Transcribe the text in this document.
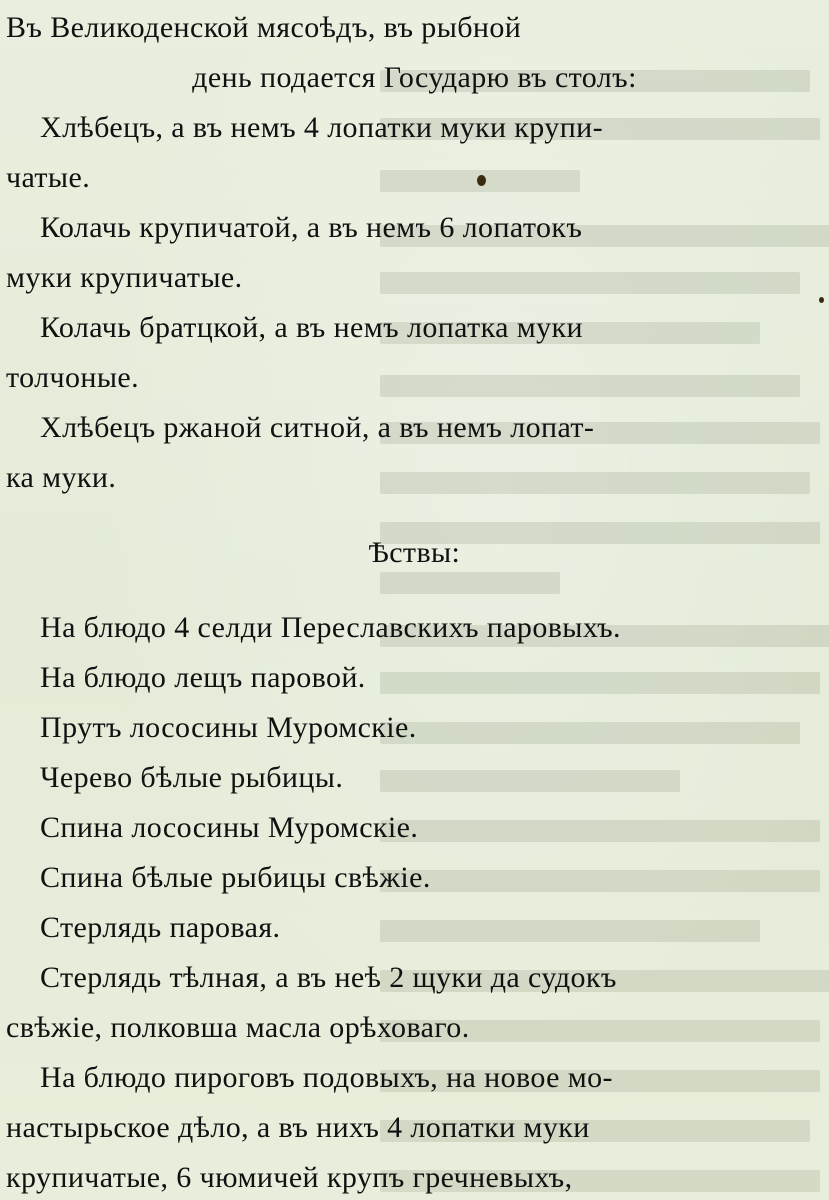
Въ Великоденской мясоѣдъ, въ рыбной
день подается Государю въ столъ:
Хлѣбецъ, а въ немъ 4 лопатки муки крупи-
чатые.
Колачь крупичатой, а въ немъ 6 лопатокъ
муки крупичатые.
Колачь братцкой, а въ немъ лопатка муки
толчоные.
Хлѣбецъ ржаной ситной, а въ немъ лопат-
ка муки.
Ѣствы:
На блюдо 4 селди Переславскихъ паровыхъ.
На блюдо лещъ паровой.
Прутъ лососины Муромскіе.
Черево бѣлые рыбицы.
Спина лососины Муромскіе.
Спина бѣлые рыбицы свѣжіе.
Стерлядь паровая.
Стерлядь тѣлная, а въ неѣ 2 щуки да судокъ
свѣжіе, полковша масла орѣховаго.
На блюдо пироговъ подовыхъ, на новое мо-
настырьское дѣло, а въ нихъ 4 лопатки муки
крупичатые, 6 чюмичей крупъ гречневыхъ,
